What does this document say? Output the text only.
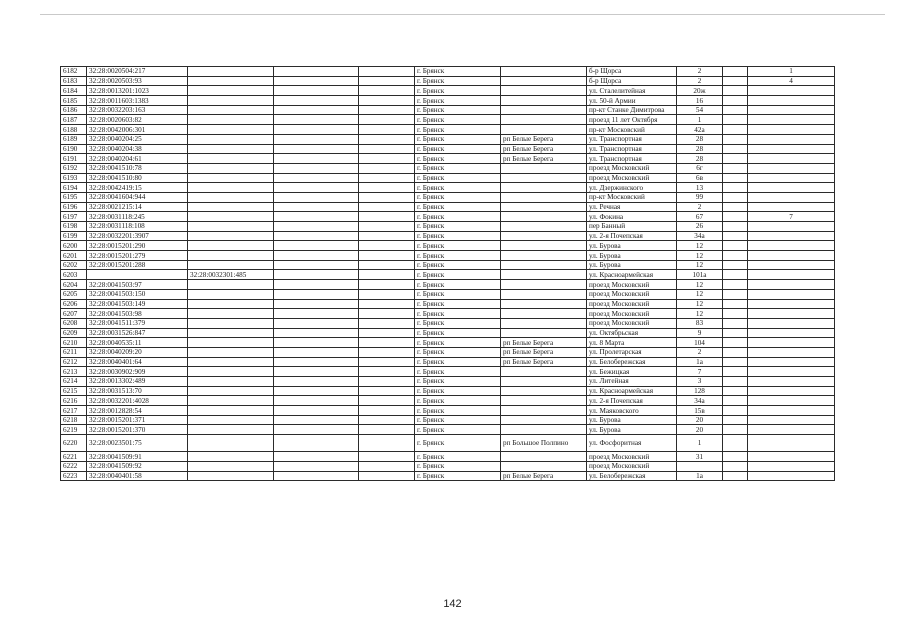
6182	32:28:0020504:217				г. Брянск		б-р Щорса	2		1
6183	32:28:0020503:93				г. Брянск		б-р Щорса	2		4
6184	32:28:0013201:1023				г. Брянск		ул. Сталелитейная	20ж		
6185	32:28:0011603:1383				г. Брянск		ул. 50-й Армии	16		
6186	32:28:0032203:163				г. Брянск		пр-кт Станке Димитрова	54		
6187	32:28:0020603:82				г. Брянск		проезд 11 лет Октября	1		
6188	32:28:0042006:301				г. Брянск		пр-кт Московский	42а		
6189	32:28:0040204:25				г. Брянск	рп Белые Берега	ул. Транспортная	28		
6190	32:28:0040204:38				г. Брянск	рп Белые Берега	ул. Транспортная	28		
6191	32:28:0040204:61				г. Брянск	рп Белые Берега	ул. Транспортная	28		
6192	32:28:0041510:78				г. Брянск		проезд Московский	6г		
6193	32:28:0041510:80				г. Брянск		проезд Московский	6в		
6194	32:28:0042419:15				г. Брянск		ул. Дзержинского	13		
6195	32:28:0041604:944				г. Брянск		пр-кт Московский	99		
6196	32:28:0021215:14				г. Брянск		ул. Речная	2		
6197	32:28:0031118:245				г. Брянск		ул. Фокина	67		7
6198	32:28:0031118:108				г. Брянск		пер Банный	26		
6199	32:28:0032201:3907				г. Брянск		ул. 2-я Почепская	34а		
6200	32:28:0015201:290				г. Брянск		ул. Бурова	12		
6201	32:28:0015201:279				г. Брянск		ул. Бурова	12		
6202	32:28:0015201:288				г. Брянск		ул. Бурова	12		
6203		32:28:0032301:485			г. Брянск		ул. Красноармейская	101а		
6204	32:28:0041503:97				г. Брянск		проезд Московский	12		
6205	32:28:0041503:150				г. Брянск		проезд Московский	12		
6206	32:28:0041503:149				г. Брянск		проезд Московский	12		
6207	32:28:0041503:98				г. Брянск		проезд Московский	12		
6208	32:28:0041511:379				г. Брянск		проезд Московский	83		
6209	32:28:0031526:847				г. Брянск		ул. Октябрьская	9		
6210	32:28:0040535:11				г. Брянск	рп Белые Берега	ул. 8 Марта	104		
6211	32:28:0040209:20				г. Брянск	рп Белые Берега	ул. Пролетарская	2		
6212	32:28:0040401:64				г. Брянск	рп Белые Берега	ул. Белобережская	1а		
6213	32:28:0030902:909				г. Брянск		ул. Бежицкая	7		
6214	32:28:0013302:489				г. Брянск		ул. Литейная	3		
6215	32:28:0031513:70				г. Брянск		ул. Красноармейская	128		
6216	32:28:0032201:4028				г. Брянск		ул. 2-я Почепская	34а		
6217	32:28:0012828:54				г. Брянск		ул. Маяковского	15в		
6218	32:28:0015201:371				г. Брянск		ул. Бурова	20		
6219	32:28:0015201:370				г. Брянск		ул. Бурова	20		
6220	32:28:0023501:75				г. Брянск	рп Большое Полпино	ул. Фосфоритная	1		
6221	32:28:0041509:91				г. Брянск		проезд Московский	31		
6222	32:28:0041509:92				г. Брянск		проезд Московский			
6223	32:28:0040401:58				г. Брянск	рп Белые Берега	ул. Белобережская	1а		
142
